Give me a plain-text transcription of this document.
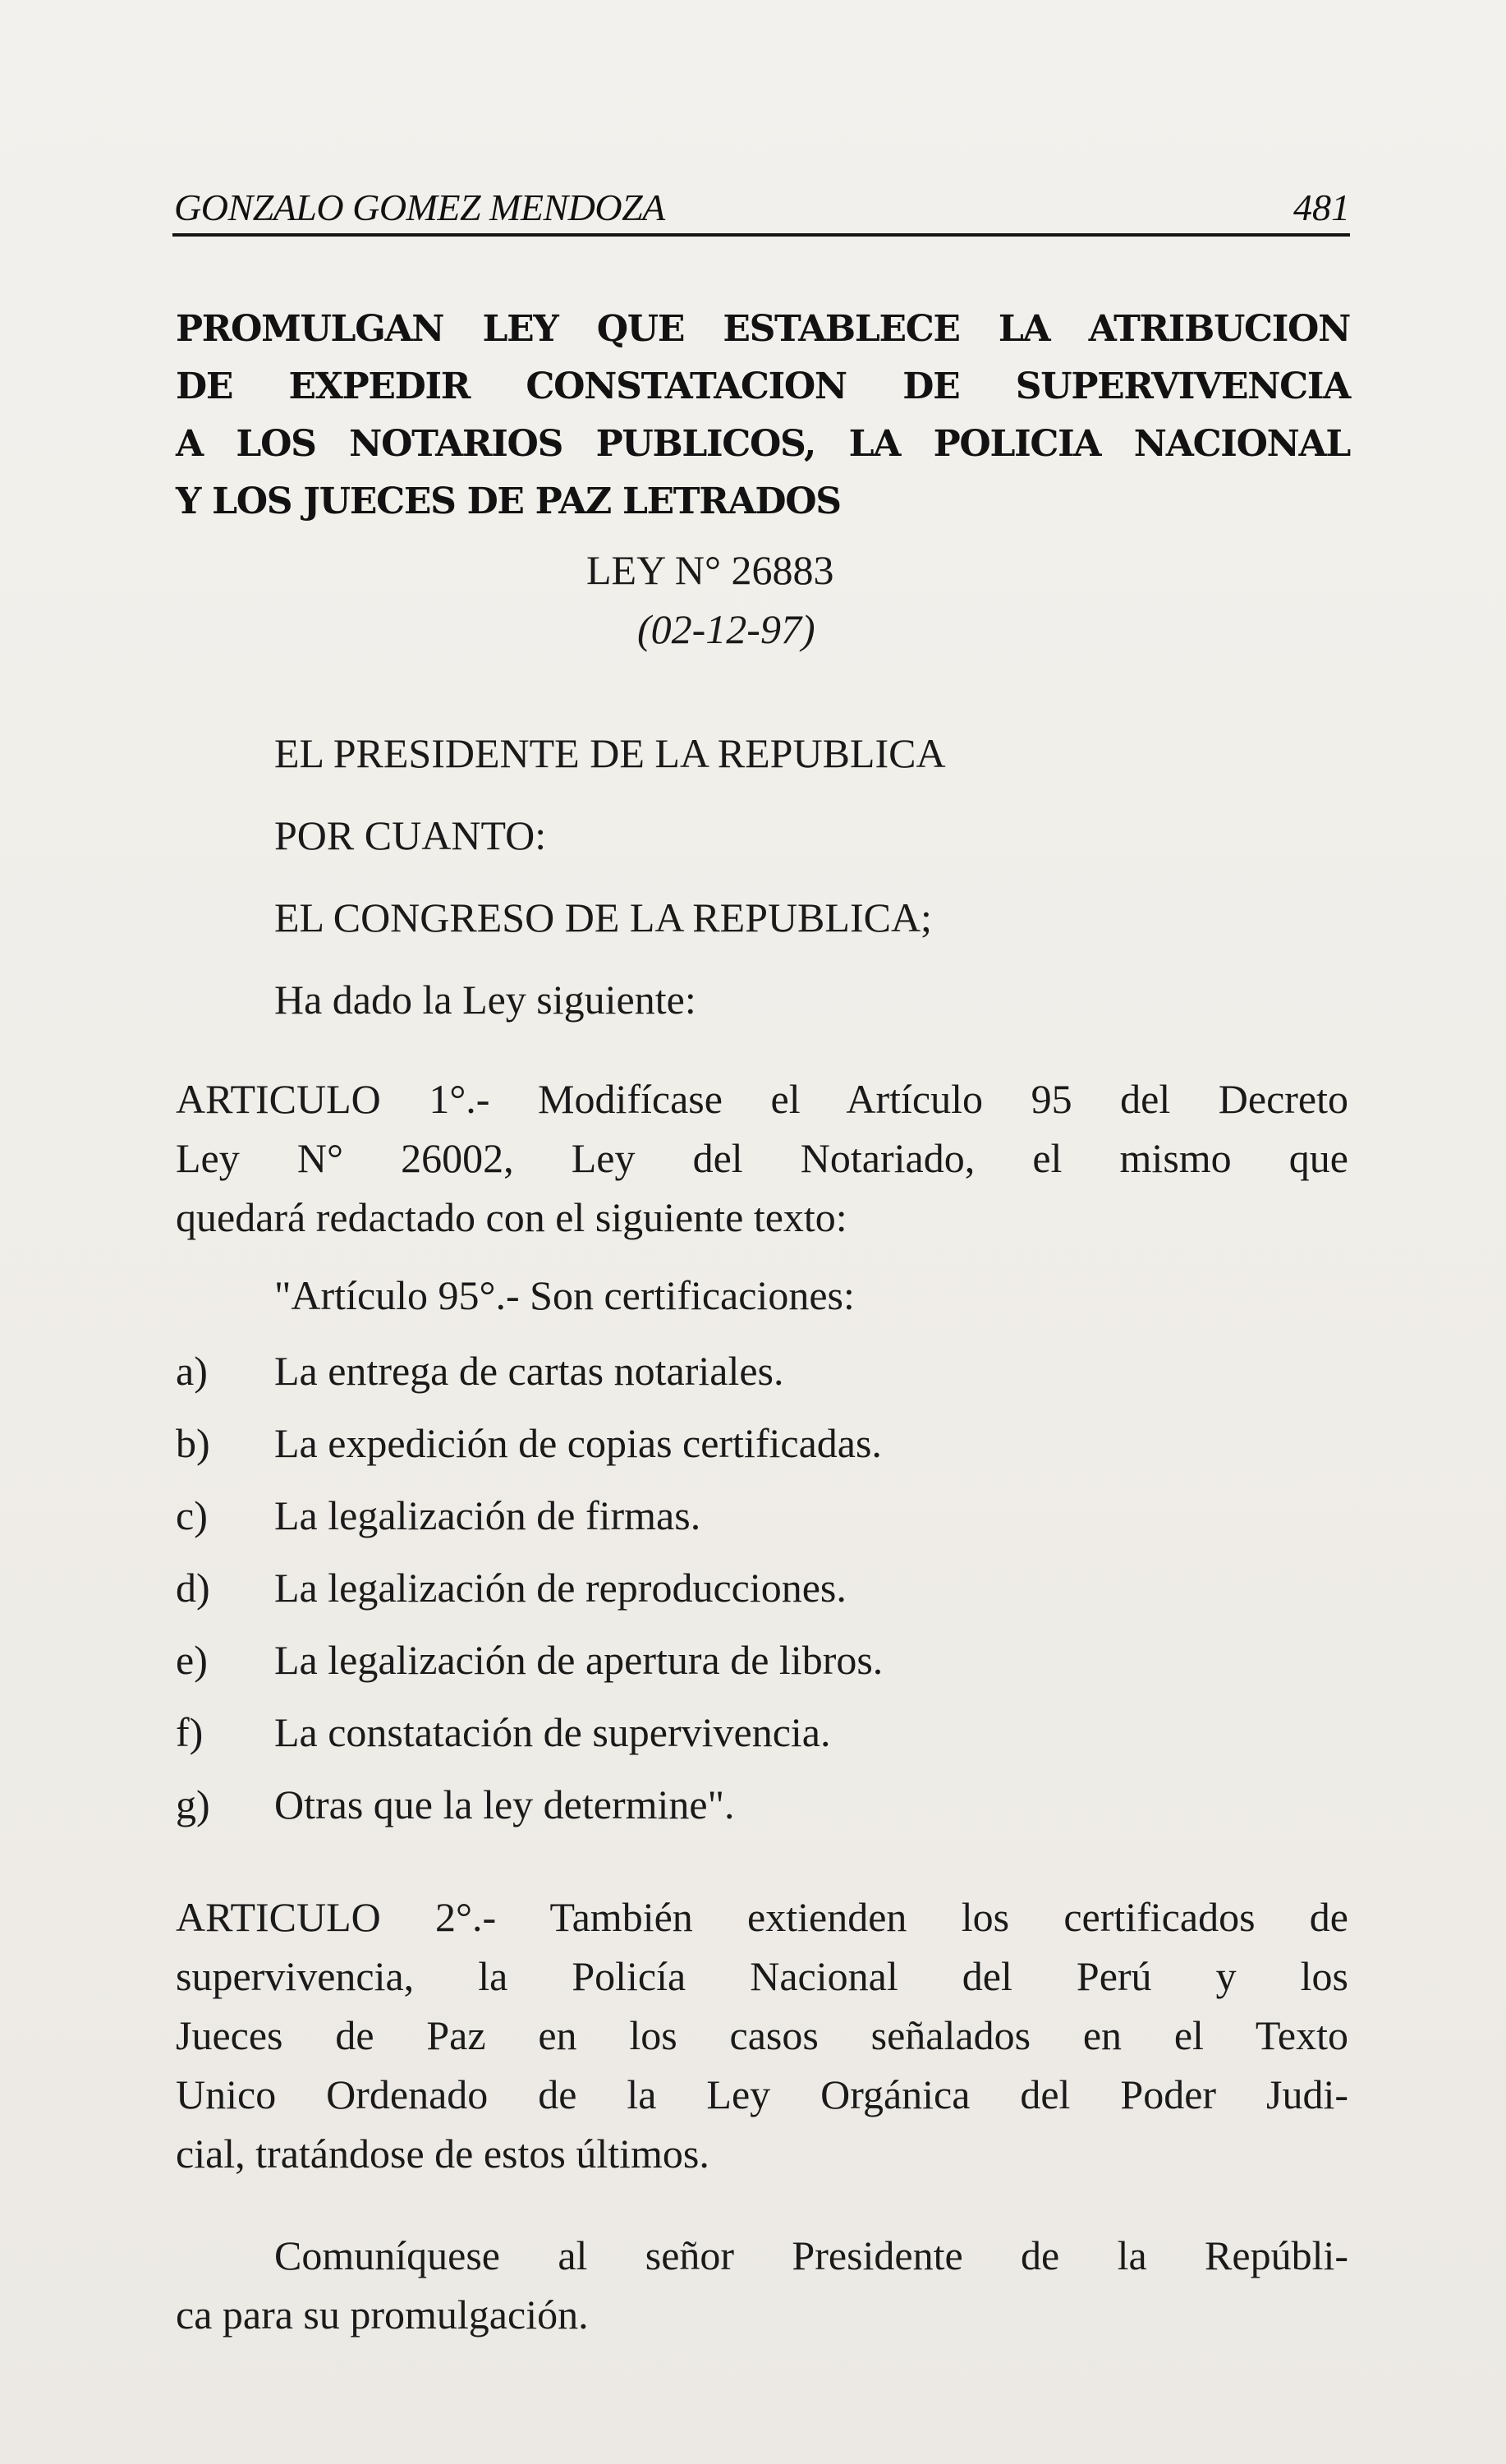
GONZALO GOMEZ MENDOZA	481
PROMULGAN LEY QUE ESTABLECE LA ATRIBUCION
DE EXPEDIR CONSTATACION DE SUPERVIVENCIA
A LOS NOTARIOS PUBLICOS, LA POLICIA NACIONAL
Y LOS JUECES DE PAZ LETRADOS
LEY N° 26883
(02-12-97)
EL PRESIDENTE DE LA REPUBLICA
POR CUANTO:
EL CONGRESO DE LA REPUBLICA;
Ha dado la Ley siguiente:
ARTICULO 1°.- Modifícase el Artículo 95 del Decreto
Ley N° 26002, Ley del Notariado, el mismo que
quedará redactado con el siguiente texto:
"Artículo 95°.- Son certificaciones:
a) La entrega de cartas notariales.
b) La expedición de copias certificadas.
c) La legalización de firmas.
d) La legalización de reproducciones.
e) La legalización de apertura de libros.
f) La constatación de supervivencia.
g) Otras que la ley determine".
ARTICULO 2°.- También extienden los certificados de
supervivencia, la Policía Nacional del Perú y los
Jueces de Paz en los casos señalados en el Texto
Unico Ordenado de la Ley Orgánica del Poder Judi-
cial, tratándose de estos últimos.
Comuníquese al señor Presidente de la Repúbli-
ca para su promulgación.
